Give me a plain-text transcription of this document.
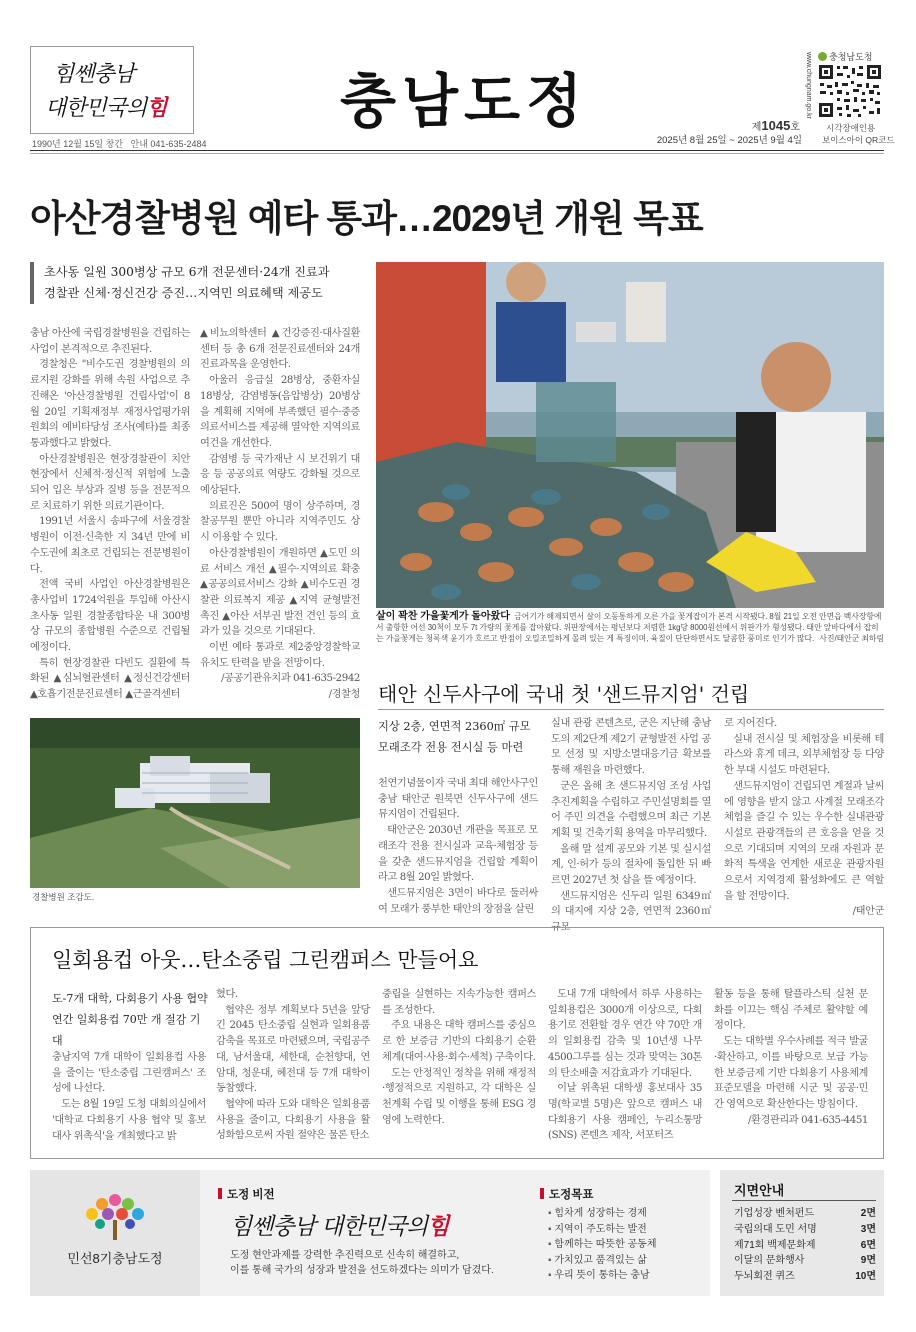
힘쎈충남
대한민국의힘
1990년 12월 15일 창간 안내 041-635-2484
충남도정	제1045호
2025년 8월 25일 ~ 2025년 9월 4일
www.chungnam.go.kr	충청남도청
시각장애인용
보이스아이 QR코드
아산경찰병원 예타 통과…2029년 개원 목표
초사동 일원 300병상 규모 6개 전문센터·24개 진료과
경찰관 신체·정신건강 증진…지역민 의료혜택 제공도

충남 아산에 국립경찰병원을 건립하는 사업이 본격적으로 추진된다.

경찰청은 "비수도권 경찰병원의 의료지원 강화를 위해 속원 사업으로 추진해온 '아산경찰병원 건립사업'이 8월 20일 기획재정부 재정사업평가위원회의 예비타당성 조사(예타)를 최종 통과했다고 밝혔다.

아산경찰병원은 현장경찰관이 치안현장에서 신체적·정신적 위험에 노출되어 입은 부상과 질병 등을 전문적으로 치료하기 위한 의료기관이다.

1991년 서울시 송파구에 서울경찰병원이 이전·신축한 지 34년 만에 비수도권에 최초로 건립되는 전문병원이다.

전액 국비 사업인 아산경찰병원은 총사업비 1724억원을 투입해 아산시 초사동 일원 경찰종합타운 내 300병상 규모의 종합병원 수준으로 건립될 예정이다.

특히 현장경찰관 다빈도 질환에 특화된 ▲심뇌혈관센터 ▲정신건강센터 ▲호흡기전문진료센터 ▲근골격센터

▲비뇨의학센터 ▲건강증진·대사질환센터 등 총 6개 전문진료센터와 24개 진료과목을 운영한다.

아울러 응급실 28병상, 중환자실 18병상, 감염병동(음압병상) 20병상을 계획해 지역에 부족했던 필수·중증의료서비스를 제공해 열악한 지역의료여건을 개선한다.

감염병 등 국가재난 시 보건위기 대응 등 공공의료 역량도 강화될 것으로 예상된다.

의료진은 500여 명이 상주하며, 경찰공무원 뿐만 아니라 지역주민도 상시 이용할 수 있다.

아산경찰병원이 개원하면 ▲도민 의료 서비스 개선 ▲필수·지역의료 확충 ▲공공의료서비스 강화 ▲비수도권 경찰관 의료복지 제공 ▲지역 균형발전 촉진 ▲아산 서부권 발전 견인 등의 효과가 있을 것으로 기대된다.

이번 예타 통과로 제2중앙경찰학교 유치도 탄력을 받을 전망이다.

/공공기관유치과 041-635-2942

/경찰청

살이 꽉찬 가을꽃게가 돌아왔다 금어기가 해제되면서 살이 오동통하게 오른 가을 꽃게잡이가 본격 시작됐다. 8월 21일 오전 안면읍 백사장항에서 출항한 어선 30척이 모두 7t 가량의 꽃게를 잡아왔다. 위판장에서는 평년보다 저렴한 1kg당 8000원선에서 위판가가 형성됐다. 태안 앞바다에서 잡히는 가을꽃게는 청록색 윤기가 흐르고 반점이 오밀조밀하게 몰려 있는 게 특징이며, 육질이 단단하면서도 달콤한 풍미로 인기가 많다. 사진/태안군 최하림
경찰병원 조감도.
태안 신두사구에 국내 첫 '샌드뮤지엄' 건립
지상 2층, 연면적 2360㎡ 규모
모래조각 전용 전시실 등 마련

천연기념물이자 국내 최대 해안사구인 충남 태안군 원북면 신두사구에 샌드뮤지엄이 건립된다.

태안군은 2030년 개관을 목표로 모래조각 전용 전시실과 교육·체험장 등을 갖춘 샌드뮤지엄을 건립할 계획이라고 8월 20일 밝혔다.

샌드뮤지엄은 3면이 바다로 둘러싸여 모래가 풍부한 태안의 장점을 살린

실내 관광 콘텐츠로, 군은 지난해 충남도의 제2단계 제2기 균형발전 사업 공모 선정 및 지방소멸대응기금 확보를 통해 재원을 마련했다.

군은 올해 초 샌드뮤지엄 조성 사업 추진계획을 수립하고 주민설명회를 열어 주민 의견을 수렴했으며 최근 기본계획 및 건축기획 용역을 마무리했다.

올해 말 설계 공모와 기본 및 실시설계, 인·허가 등의 절차에 돌입한 뒤 빠르면 2027년 첫 삽을 뜰 예정이다.

샌드뮤지엄은 신두리 일원 6349㎡의 대지에 지상 2층, 연면적 2360㎡ 규모

로 지어진다.

실내 전시실 및 체험장을 비롯해 테라스와 휴게 데크, 외부체험장 등 다양한 부대 시설도 마련된다.

샌드뮤지엄이 건립되면 계절과 날씨에 영향을 받지 않고 사계절 모래조각 체험을 즐길 수 있는 우수한 실내관광시설로 관광객들의 큰 호응을 얻을 것으로 기대되며 지역의 모래 자원과 문화적 특색을 연계한 새로운 관광자원으로서 지역경제 활성화에도 큰 역할을 할 전망이다.

/태안군

일회용컵 아웃…탄소중립 그린캠퍼스 만들어요
도-7개 대학, 다회용기 사용 협약
연간 일회용컵 70만 개 절감 기대

충남지역 7개 대학이 일회용컵 사용을 줄이는 '탄소중립 그린캠퍼스' 조성에 나선다.

도는 8월 19일 도청 대회의실에서 '대학교 다회용기 사용 협약 및 홍보대사 위촉식'을 개최했다고 밝

혔다.

협약은 정부 계획보다 5년을 앞당긴 2045 탄소중립 실현과 일회용품 감축을 목표로 마련됐으며, 국립공주대, 남서울대, 세한대, 순천향대, 연암대, 청운대, 혜전대 등 7개 대학이 동참했다.

협약에 따라 도와 대학은 일회용품 사용을 줄이고, 다회용기 사용을 활성화함으로써 자원 절약은 물론 탄소

중립을 실현하는 지속가능한 캠퍼스를 조성한다.

주요 내용은 대학 캠퍼스를 중심으로 한 보증금 기반의 다회용기 순환체계(대여·사용·회수·세척) 구축이다.

도는 안정적인 정착을 위해 재정적·행정적으로 지원하고, 각 대학은 실천계획 수립 및 이행을 통해 ESG 경영에 노력한다.

도내 7개 대학에서 하루 사용하는 일회용컵은 3000개 이상으로, 다회용기로 전환할 경우 연간 약 70만 개의 일회용컵 감축 및 10년생 나무 4500그루를 심는 것과 맞먹는 30톤의 탄소배출 저감효과가 기대된다.

이날 위촉된 대학생 홍보대사 35명(학교별 5명)은 앞으로 캠퍼스 내 다회용기 사용 캠페인, 누리소통망(SNS) 콘텐츠 제작, 서포터즈

활동 등을 통해 탈플라스틱 실천 문화를 이끄는 핵심 주체로 활약할 예정이다.

도는 대학별 우수사례를 적극 발굴·확산하고, 이를 바탕으로 보급 가능한 보증금제 기반 다회용기 사용체계 표준모델을 마련해 시군 및 공공·민간 영역으로 확산한다는 방침이다.

/환경관리과 041-635-4451

민선8기충남도정
도정 비전
힘쎈충남 대한민국의힘
도정 현안과제를 강력한 추진력으로 신속히 해결하고,
이를 통해 국가의 성장과 발전을 선도하겠다는 의미가 담겼다.
도정목표
▪ 힘차게 성장하는 경제
▪ 지역이 주도하는 발전
▪ 함께하는 따뜻한 공동체
▪ 가치있고 품격있는 삶
▪ 우리 뜻이 통하는 충남
지면안내
기업성장 벤처펀드	2면
국립의대 도민 서명	3면
제71회 백제문화제	6면
이달의 문화행사	9면
두뇌회전 퀴즈	10면
